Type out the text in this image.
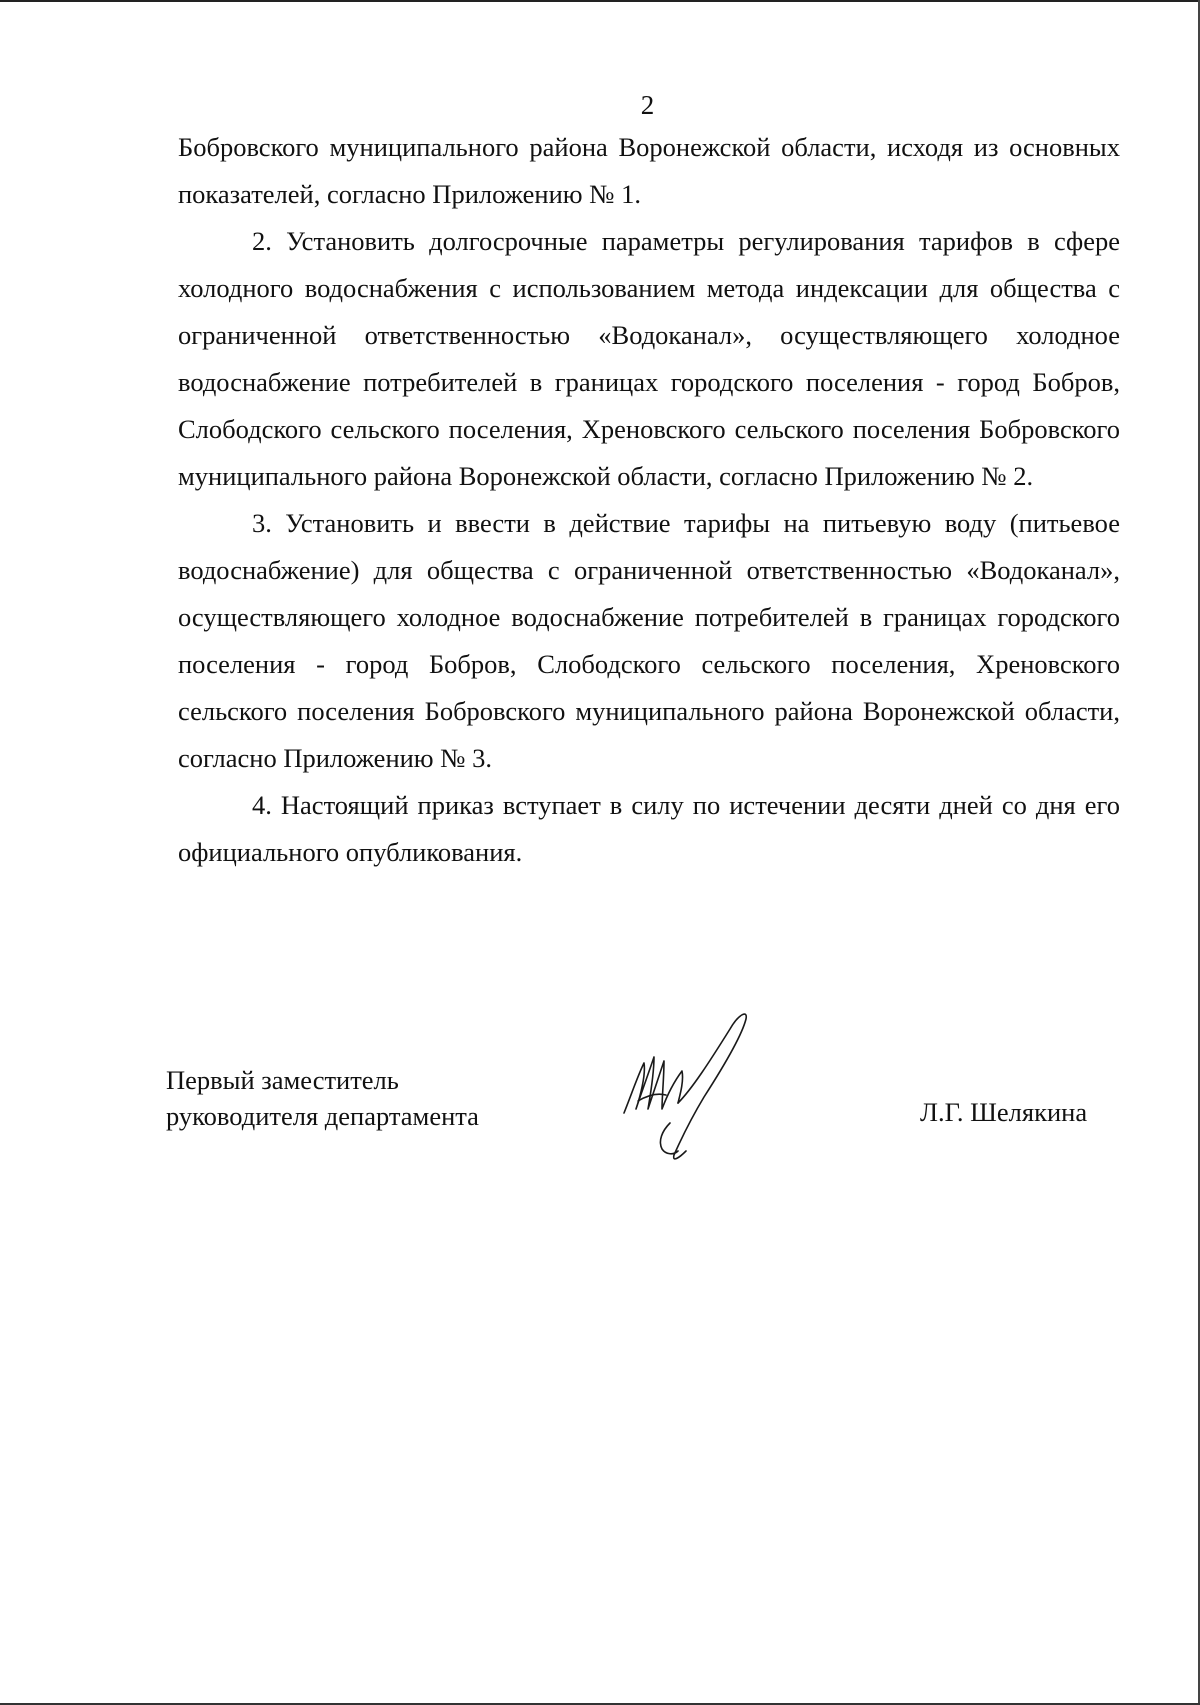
2

Бобровского муниципального района Воронежской области, исходя из основных показателей, согласно Приложению № 1.

2. Установить долгосрочные параметры регулирования тарифов в сфере холодного водоснабжения с использованием метода индексации для общества с ограниченной ответственностью «Водоканал», осуществляющего холодное водоснабжение потребителей в границах городского поселения - город Бобров, Слободского сельского поселения, Хреновского сельского поселения Бобровского муниципального района Воронежской области, согласно Приложению № 2.

3. Установить и ввести в действие тарифы на питьевую воду (питьевое водоснабжение) для общества с ограниченной ответственностью «Водоканал», осуществляющего холодное водоснабжение потребителей в границах городского поселения - город Бобров, Слободского сельского поселения, Хреновского сельского поселения Бобровского муниципального района Воронежской области, согласно Приложению № 3.

4. Настоящий приказ вступает в силу по истечении десяти дней со дня его официального опубликования.

Первый заместитель
руководителя департамента	Л.Г. Шелякина
